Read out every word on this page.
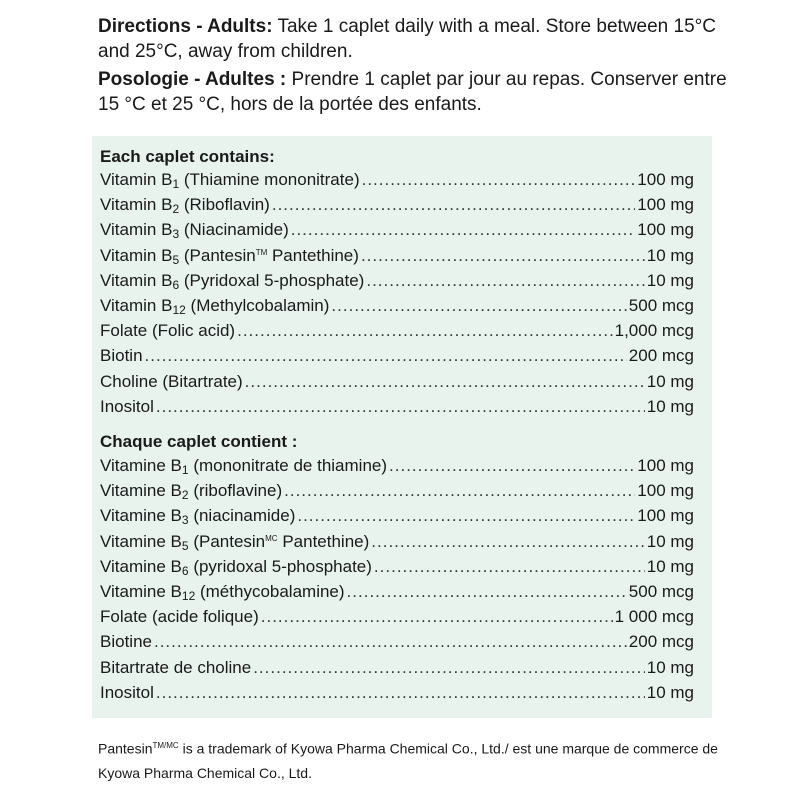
Directions - Adults: Take 1 caplet daily with a meal. Store between 15°C and 25°C, away from children.

Posologie - Adultes : Prendre 1 caplet par jour au repas. Conserver entre 15 °C et 25 °C, hors de la portée des enfants.

Each caplet contains:
Vitamin $B_1$ (Thiamine mononitrate) .....	100 mg
Vitamin $B_2$ (Riboflavin) .....	100 mg
Vitamin $B_3$ (Niacinamide) .....	100 mg
Vitamin $B_5$ (Pantesin™ Pantethine) .....	10 mg
Vitamin $B_6$ (Pyridoxal 5-phosphate) .....	10 mg
Vitamin $B_{12}$ (Methylcobalamin) .....	500 mcg
Folate (Folic acid) .....	1,000 mcg
Biotin .....	200 mcg
Choline (Bitartrate) .....	10 mg
Inositol .....	10 mg
Chaque caplet contient :
Vitamine $B_1$ (mononitrate de thiamine) .....	100 mg
Vitamine $B_2$ (riboflavine) .....	100 mg
Vitamine $B_3$ (niacinamide) .....	100 mg
Vitamine $B_5$ (Pantesin$^{MC}$ Pantethine) .....	10 mg
Vitamine $B_6$ (pyridoxal 5-phosphate) .....	10 mg
Vitamine $B_{12}$ (méthycobalamine) .....	500 mcg
Folate (acide folique) .....	1 000 mcg
Biotine .....	200 mcg
Bitartrate de choline .....	10 mg
Inositol .....	10 mg
Pantesin$^{TM/MC}$ is a trademark of Kyowa Pharma Chemical Co., Ltd./ est une marque de commerce de Kyowa Pharma Chemical Co., Ltd.
